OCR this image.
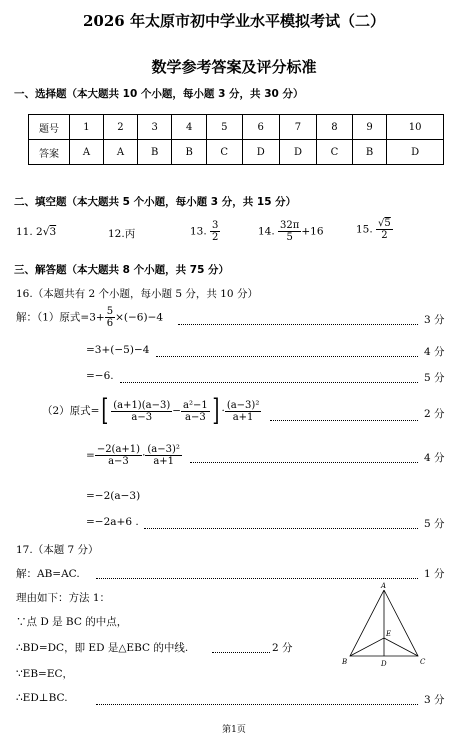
2026 年太原市初中学业水平模拟考试（二）
数学参考答案及评分标准
一、选择题（本大题共 10 个小题，每小题 3 分，共 30 分）
题号	1	2	3	4	5	6	7	8	9	10
答案	A	A	B	B	C	D	D	C	B	D
二、填空题（本大题共 5 个小题，每小题 3 分，共 15 分）
11. 2√3	12.丙	13. $\frac{3}{2}$	14. $\frac{32\pi}{5} +16$	15. $\frac{√5}{2}$
三、解答题（本大题共 8 个小题，共 75 分）
16.（本题共有 2 个小题，每小题 5 分，共 10 分）
解：（1）原式$=3+ \frac{5}{6} \times(-6)-4$	3 分
=3+(−5)−4	4 分
=−6.	5 分
（2）原式=[ $\frac{(a+1)(a-3)}{a-3} - \frac{\text{a²−1}}{a-3}$ ] · $\frac{\text{(a−3)²}}{a+1}$	2 分
= $\frac{-2(a+1)}{a-3} \cdot \frac{\text{(a−3)²}}{a+1}$	4 分
=−2(a−3)
=−2a+6 .	5 分
17.（本题 7 分）
解：AB=AC.	1 分
理由如下：方法 1：
∵点 D 是 BC 的中点，
∴BD=DC，即 ED 是△EBC 的中线.	2 分
∵EB=EC，
∴ED⊥BC.	3 分
A
B	C
D
E
第1页
